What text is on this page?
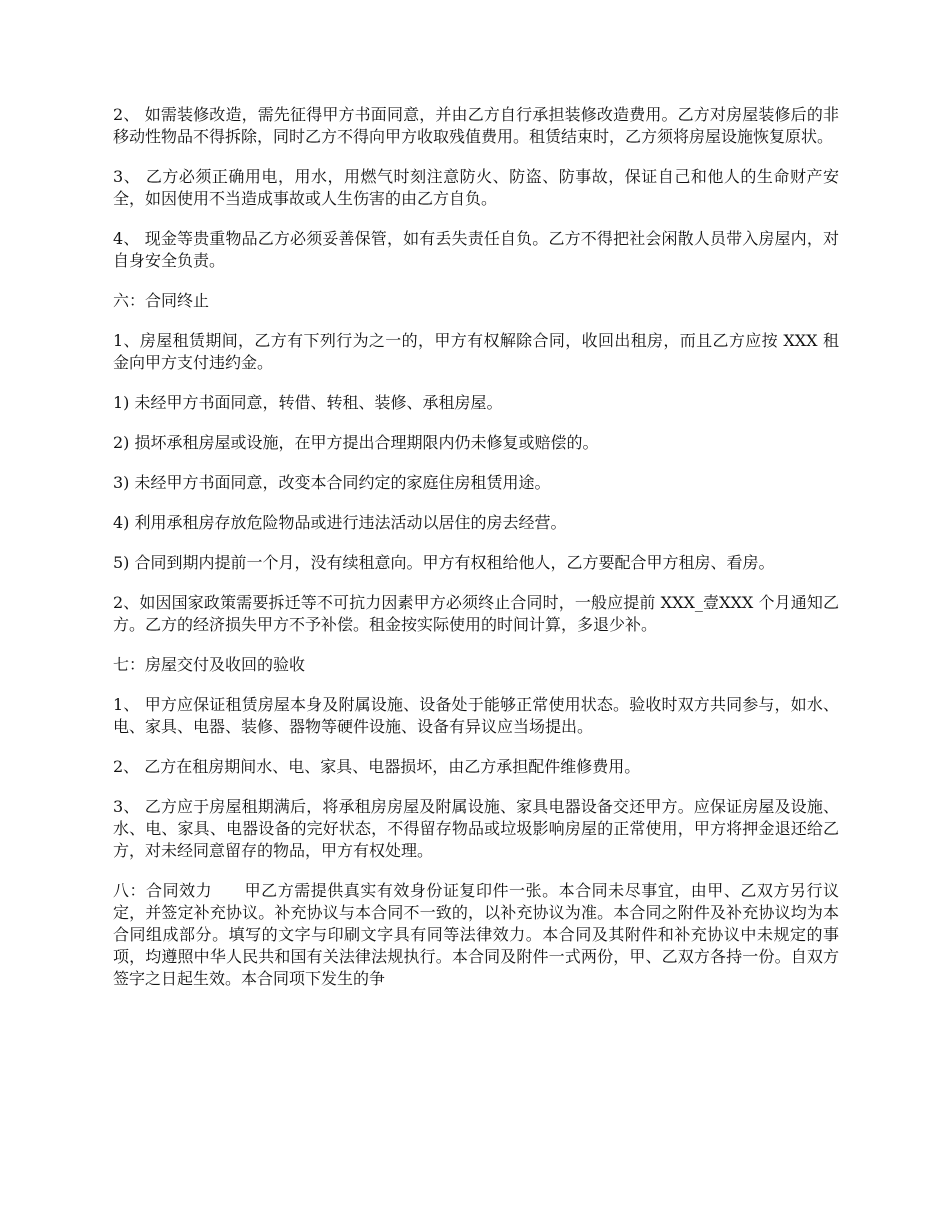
2、 如需装修改造，需先征得甲方书面同意，并由乙方自行承担装修改造费用。乙方对房屋装修后的非移动性物品不得拆除，同时乙方不得向甲方收取残值费用。租赁结束时，乙方须将房屋设施恢复原状。

3、 乙方必须正确用电，用水，用燃气时刻注意防火、防盗、防事故，保证自己和他人的生命财产安全，如因使用不当造成事故或人生伤害的由乙方自负。

4、 现金等贵重物品乙方必须妥善保管，如有丢失责任自负。乙方不得把社会闲散人员带入房屋内，对自身安全负责。

六：合同终止

1、房屋租赁期间，乙方有下列行为之一的，甲方有权解除合同，收回出租房，而且乙方应按 XXX 租金向甲方支付违约金。

1) 未经甲方书面同意，转借、转租、装修、承租房屋。

2) 损坏承租房屋或设施，在甲方提出合理期限内仍未修复或赔偿的。

3) 未经甲方书面同意，改变本合同约定的家庭住房租赁用途。

4) 利用承租房存放危险物品或进行违法活动以居住的房去经营。

5) 合同到期内提前一个月，没有续租意向。甲方有权租给他人，乙方要配合甲方租房、看房。

2、如因国家政策需要拆迁等不可抗力因素甲方必须终止合同时，一般应提前 XXX_壹XXX 个月通知乙方。乙方的经济损失甲方不予补偿。租金按实际使用的时间计算，多退少补。

七：房屋交付及收回的验收

1、 甲方应保证租赁房屋本身及附属设施、设备处于能够正常使用状态。验收时双方共同参与，如水、电、家具、电器、装修、器物等硬件设施、设备有异议应当场提出。

2、 乙方在租房期间水、电、家具、电器损坏，由乙方承担配件维修费用。

3、 乙方应于房屋租期满后，将承租房房屋及附属设施、家具电器设备交还甲方。应保证房屋及设施、水、电、家具、电器设备的完好状态，不得留存物品或垃圾影响房屋的正常使用，甲方将押金退还给乙方，对未经同意留存的物品，甲方有权处理。

八：合同效力 甲乙方需提供真实有效身份证复印件一张。本合同未尽事宜，由甲、乙双方另行议定，并签定补充协议。补充协议与本合同不一致的，以补充协议为准。本合同之附件及补充协议均为本合同组成部分。填写的文字与印刷文字具有同等法律效力。本合同及其附件和补充协议中未规定的事项，均遵照中华人民共和国有关法律法规执行。本合同及附件一式两份，甲、乙双方各持一份。自双方签字之日起生效。本合同项下发生的争
